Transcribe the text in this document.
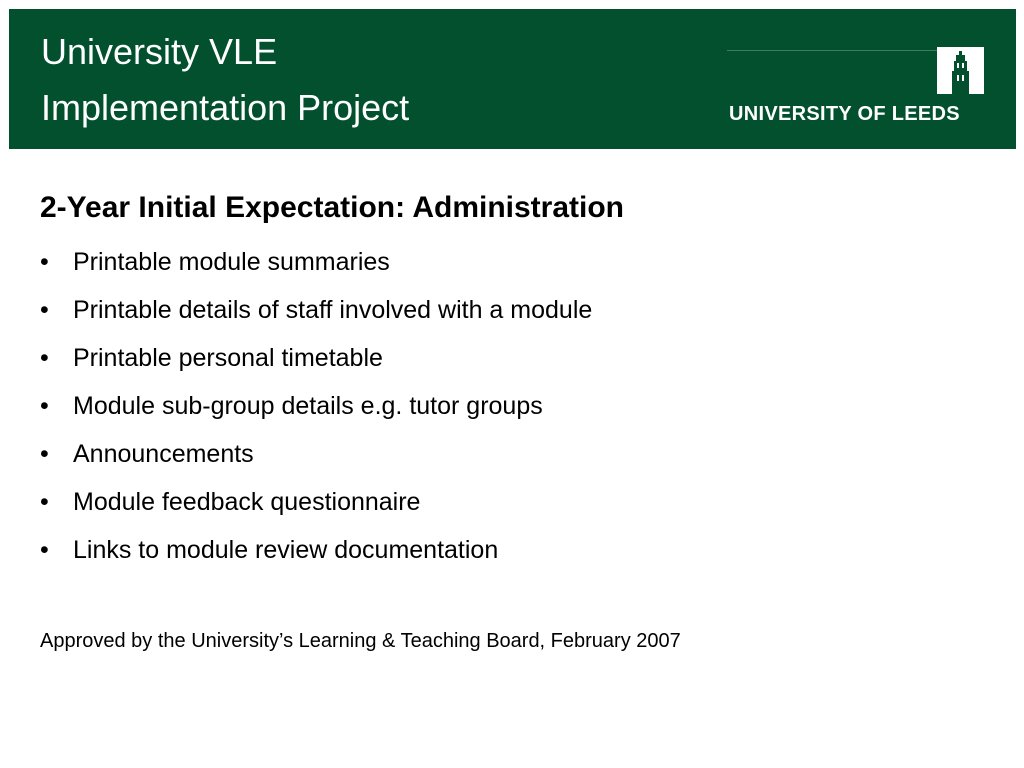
University VLE
Implementation Project	UNIVERSITY OF LEEDS
2-Year Initial Expectation: Administration
• Printable module summaries
• Printable details of staff involved with a module
• Printable personal timetable
• Module sub-group details e.g. tutor groups
• Announcements
• Module feedback questionnaire
• Links to module review documentation
Approved by the University’s Learning & Teaching Board, February 2007
